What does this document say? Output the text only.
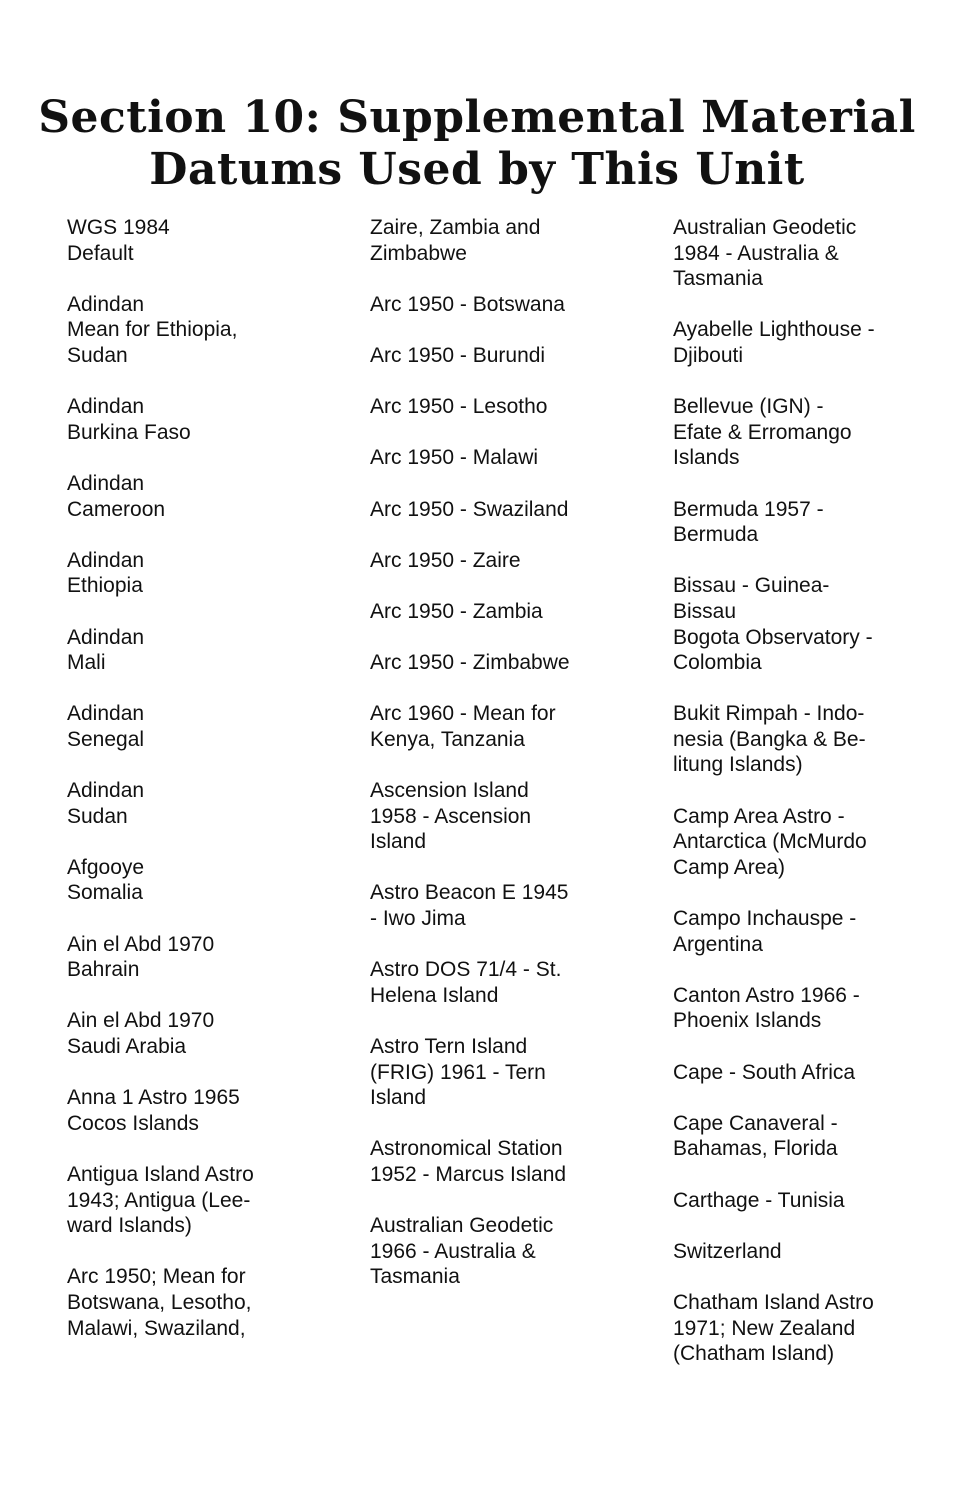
Section 10: Supplemental Material
Datums Used by This Unit
WGS 1984
Default
Adindan
Mean for Ethiopia,
Sudan
Adindan
Burkina Faso
Adindan
Cameroon
Adindan
Ethiopia
Adindan
Mali
Adindan
Senegal
Adindan
Sudan
Afgooye
Somalia
Ain el Abd 1970
Bahrain
Ain el Abd 1970
Saudi Arabia
Anna 1 Astro 1965
Cocos Islands
Antigua Island Astro
1943; Antigua (Lee-
ward Islands)
Arc 1950; Mean for
Botswana, Lesotho,
Malawi, Swaziland,
Zaire, Zambia and
Zimbabwe
Arc 1950 - Botswana
Arc 1950 - Burundi
Arc 1950 - Lesotho
Arc 1950 - Malawi
Arc 1950 - Swaziland
Arc 1950 - Zaire
Arc 1950 - Zambia
Arc 1950 - Zimbabwe
Arc 1960 - Mean for
Kenya, Tanzania
Ascension Island
1958 - Ascension
Island
Astro Beacon E 1945
- Iwo Jima
Astro DOS 71/4 - St.
Helena Island
Astro Tern Island
(FRIG) 1961 - Tern
Island
Astronomical Station
1952 - Marcus Island
Australian Geodetic
1966 - Australia &
Tasmania
Australian Geodetic
1984 - Australia &
Tasmania
Ayabelle Lighthouse -
Djibouti
Bellevue (IGN) -
Efate & Erromango
Islands
Bermuda 1957 -
Bermuda
Bissau - Guinea-
Bissau
Bogota Observatory -
Colombia
Bukit Rimpah - Indo-
nesia (Bangka & Be-
litung Islands)
Camp Area Astro -
Antarctica (McMurdo
Camp Area)
Campo Inchauspe -
Argentina
Canton Astro 1966 -
Phoenix Islands
Cape - South Africa
Cape Canaveral -
Bahamas, Florida
Carthage - Tunisia
Switzerland
Chatham Island Astro
1971; New Zealand
(Chatham Island)
